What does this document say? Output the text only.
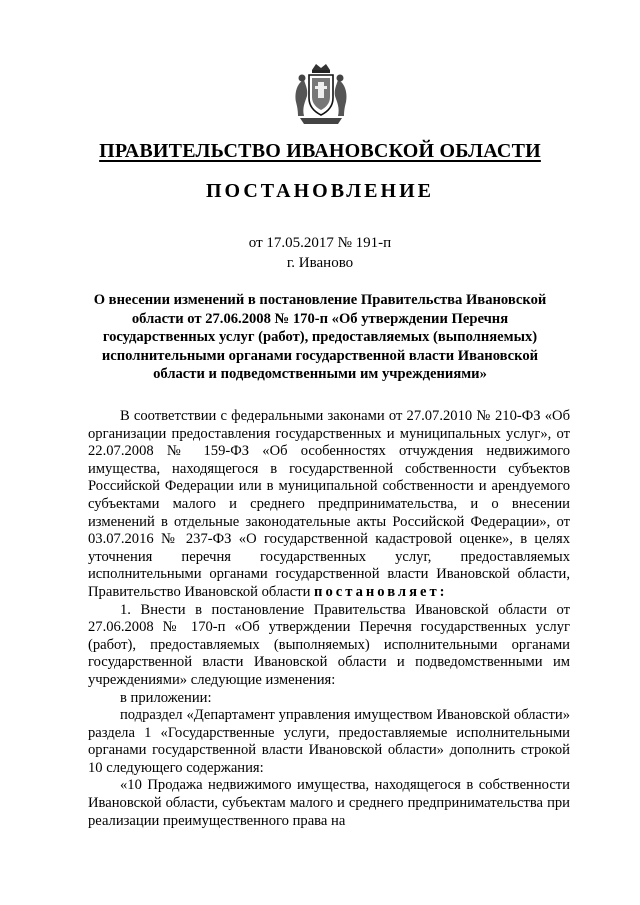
ПРАВИТЕЛЬСТВО ИВАНОВСКОЙ ОБЛАСТИ
ПОСТАНОВЛЕНИЕ
от 17.05.2017 № 191-п
г. Иваново
О внесении изменений в постановление Правительства Ивановской области от 27.06.2008 № 170-п «Об утверждении Перечня государственных услуг (работ), предоставляемых (выполняемых) исполнительными органами государственной власти Ивановской области и подведомственными им учреждениями»

В соответствии с федеральными законами от 27.07.2010 № 210-ФЗ «Об организации предоставления государственных и муниципальных услуг», от 22.07.2008 № 159-ФЗ «Об особенностях отчуждения недвижимого имущества, находящегося в государственной собственности субъектов Российской Федерации или в муниципальной собственности и арендуемого субъектами малого и среднего предпринимательства, и о внесении изменений в отдельные законодательные акты Российской Федерации», от 03.07.2016 № 237-ФЗ «О государственной кадастровой оценке», в целях уточнения перечня государственных услуг, предоставляемых исполнительными органами государственной власти Ивановской области, Правительство Ивановской области постановляет:

1. Внести в постановление Правительства Ивановской области от 27.06.2008 № 170-п «Об утверждении Перечня государственных услуг (работ), предоставляемых (выполняемых) исполнительными органами государственной власти Ивановской области и подведомственными им учреждениями» следующие изменения:

в приложении:

подраздел «Департамент управления имуществом Ивановской области» раздела 1 «Государственные услуги, предоставляемые исполнительными органами государственной власти Ивановской области» дополнить строкой 10 следующего содержания:

«10 Продажа недвижимого имущества, находящегося в собственности Ивановской области, субъектам малого и среднего предпринимательства при реализации преимущественного права на
